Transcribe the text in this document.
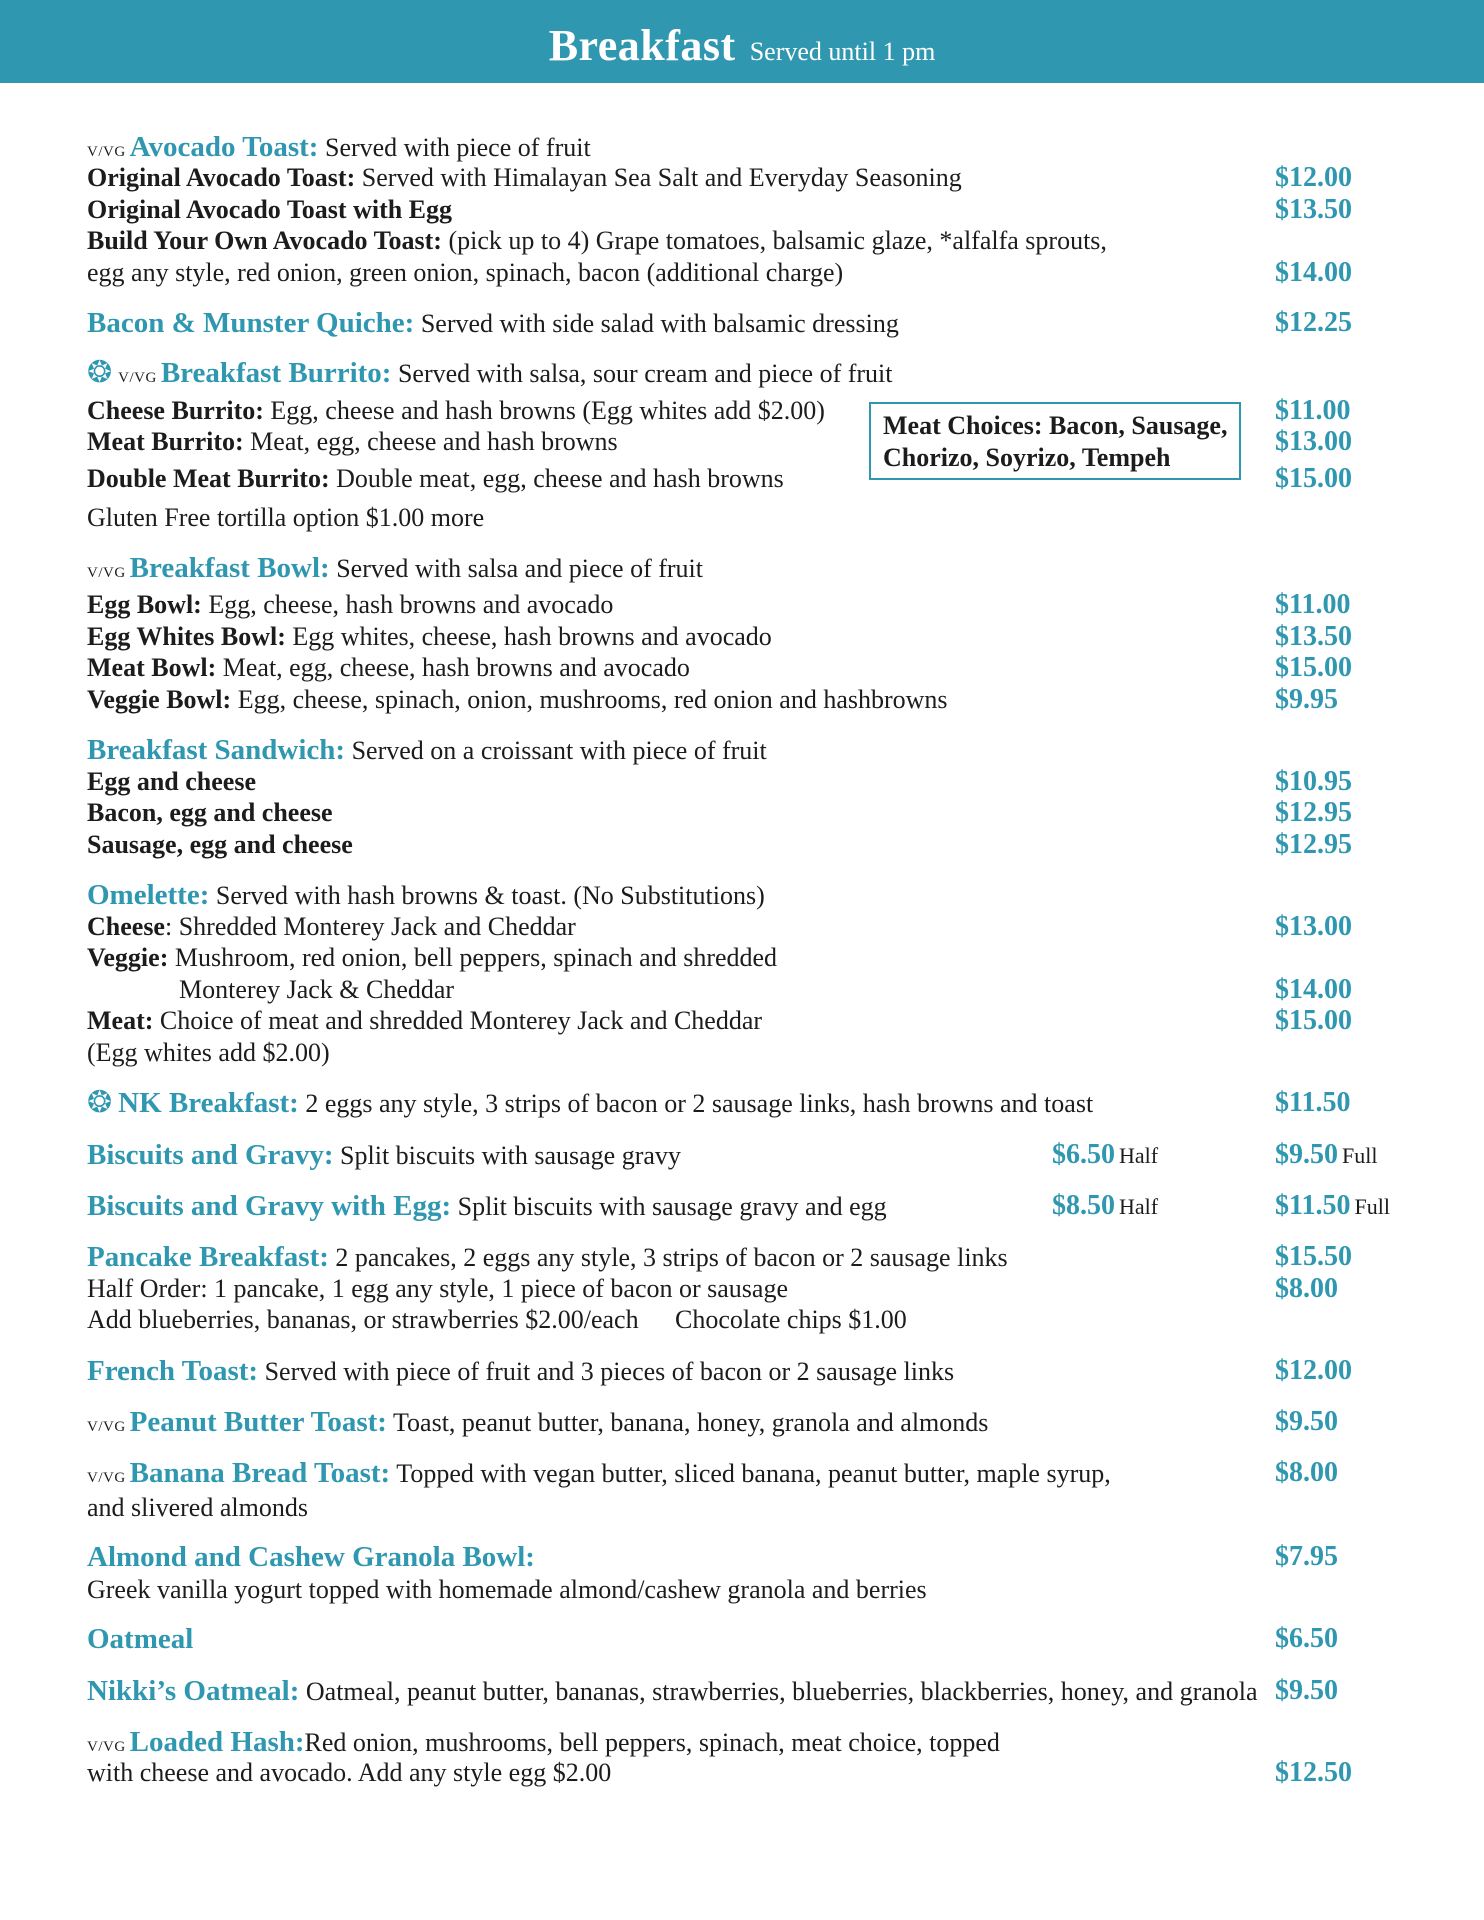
Breakfast Served until 1 pm
V/VG Avocado Toast: Served with piece of fruit
Original Avocado Toast: Served with Himalayan Sea Salt and Everyday Seasoning	$12.00
Original Avocado Toast with Egg	$13.50
Build Your Own Avocado Toast: (pick up to 4) Grape tomatoes, balsamic glaze, *alfalfa sprouts,
egg any style, red onion, green onion, spinach, bacon (additional charge)	$14.00
Bacon & Munster Quiche: Served with side salad with balsamic dressing	$12.25
❂ V/VG Breakfast Burrito: Served with salsa, sour cream and piece of fruit
Cheese Burrito: Egg, cheese and hash browns (Egg whites add $2.00)	$11.00
Meat Burrito: Meat, egg, cheese and hash browns	$13.00
Double Meat Burrito: Double meat, egg, cheese and hash browns	$15.00
Gluten Free tortilla option $1.00 more
Meat Choices: Bacon, Sausage,
Chorizo, Soyrizo, Tempeh
V/VG Breakfast Bowl: Served with salsa and piece of fruit
Egg Bowl: Egg, cheese, hash browns and avocado	$11.00
Egg Whites Bowl: Egg whites, cheese, hash browns and avocado	$13.50
Meat Bowl: Meat, egg, cheese, hash browns and avocado	$15.00
Veggie Bowl: Egg, cheese, spinach, onion, mushrooms, red onion and hashbrowns	$9.95
Breakfast Sandwich: Served on a croissant with piece of fruit
Egg and cheese	$10.95
Bacon, egg and cheese	$12.95
Sausage, egg and cheese	$12.95
Omelette: Served with hash browns & toast. (No Substitutions)
Cheese: Shredded Monterey Jack and Cheddar	$13.00
Veggie: Mushroom, red onion, bell peppers, spinach and shredded
Monterey Jack & Cheddar	$14.00
Meat: Choice of meat and shredded Monterey Jack and Cheddar	$15.00
(Egg whites add $2.00)
❂ NK Breakfast: 2 eggs any style, 3 strips of bacon or 2 sausage links, hash browns and toast	$11.50
Biscuits and Gravy: Split biscuits with sausage gravy	$6.50 Half	$9.50 Full
Biscuits and Gravy with Egg: Split biscuits with sausage gravy and egg	$8.50 Half	$11.50 Full
Pancake Breakfast: 2 pancakes, 2 eggs any style, 3 strips of bacon or 2 sausage links	$15.50
Half Order: 1 pancake, 1 egg any style, 1 piece of bacon or sausage	$8.00
Add blueberries, bananas, or strawberries $2.00/each Chocolate chips $1.00
French Toast: Served with piece of fruit and 3 pieces of bacon or 2 sausage links	$12.00
V/VG Peanut Butter Toast: Toast, peanut butter, banana, honey, granola and almonds	$9.50
V/VG Banana Bread Toast: Topped with vegan butter, sliced banana, peanut butter, maple syrup,	$8.00
and slivered almonds
Almond and Cashew Granola Bowl:	$7.95
Greek vanilla yogurt topped with homemade almond/cashew granola and berries
Oatmeal	$6.50
Nikki’s Oatmeal: Oatmeal, peanut butter, bananas, strawberries, blueberries, blackberries, honey, and granola $9.50
V/VG Loaded Hash:Red onion, mushrooms, bell peppers, spinach, meat choice, topped
with cheese and avocado. Add any style egg $2.00	$12.50
